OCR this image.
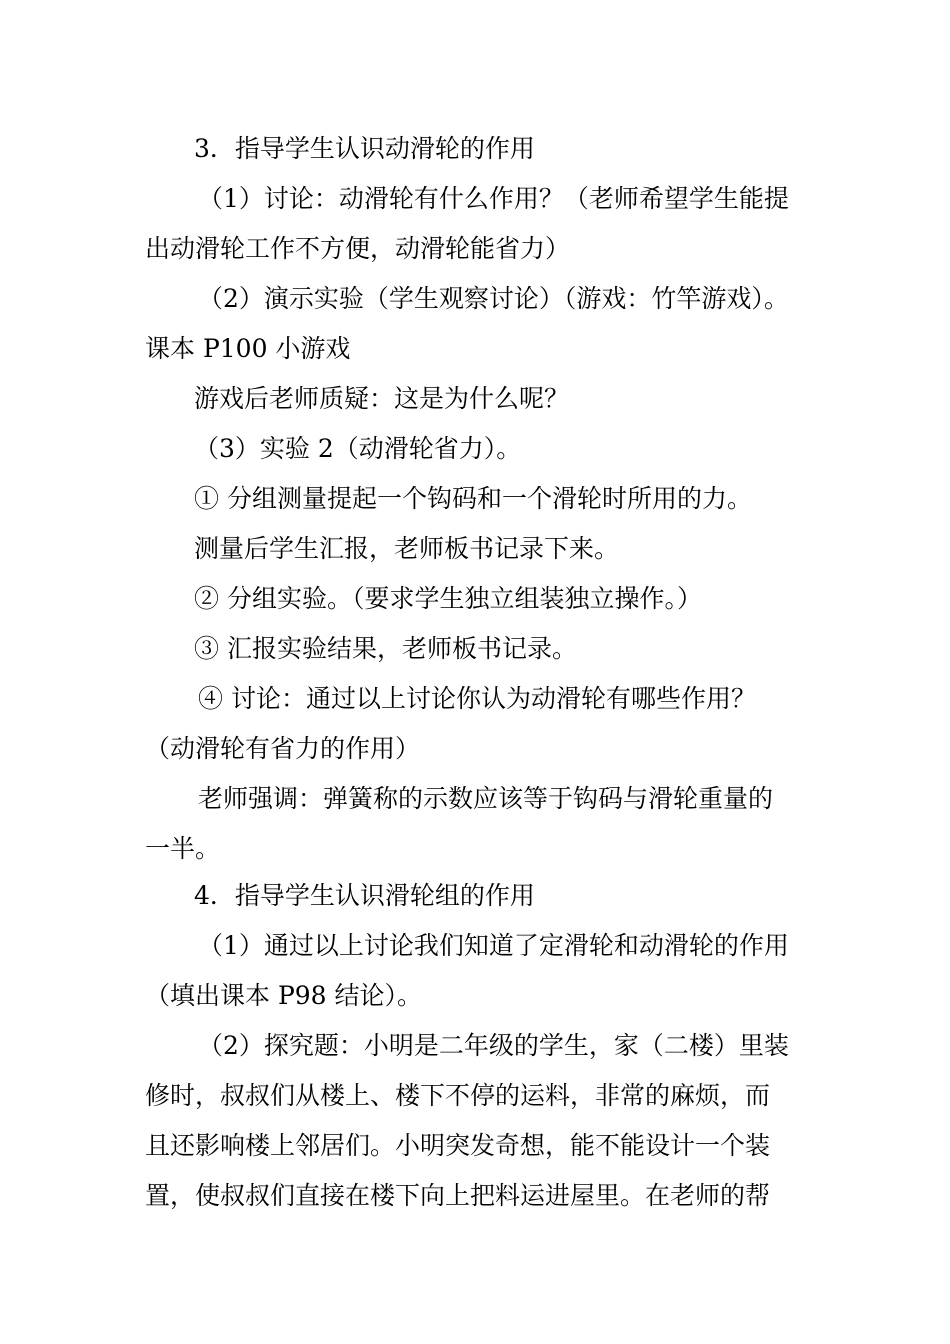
3．指导学生认识动滑轮的作用
（1）讨论：动滑轮有什么作用？（老师希望学生能提
出动滑轮工作不方便，动滑轮能省力）
（2）演示实验（学生观察讨论）（游戏：竹竿游戏）。
课本 P100 小游戏
游戏后老师质疑：这是为什么呢？
（3）实验 2（动滑轮省力）。
① 分组测量提起一个钩码和一个滑轮时所用的力。
测量后学生汇报，老师板书记录下来。
② 分组实验。（要求学生独立组装独立操作。）
③ 汇报实验结果，老师板书记录。
④ 讨论：通过以上讨论你认为动滑轮有哪些作用？
（动滑轮有省力的作用）
老师强调：弹簧称的示数应该等于钩码与滑轮重量的
一半。
4．指导学生认识滑轮组的作用
（1）通过以上讨论我们知道了定滑轮和动滑轮的作用
（填出课本 P98 结论）。
（2）探究题：小明是二年级的学生，家（二楼）里装
修时，叔叔们从楼上、楼下不停的运料，非常的麻烦，而
且还影响楼上邻居们。小明突发奇想，能不能设计一个装
置，使叔叔们直接在楼下向上把料运进屋里。在老师的帮
